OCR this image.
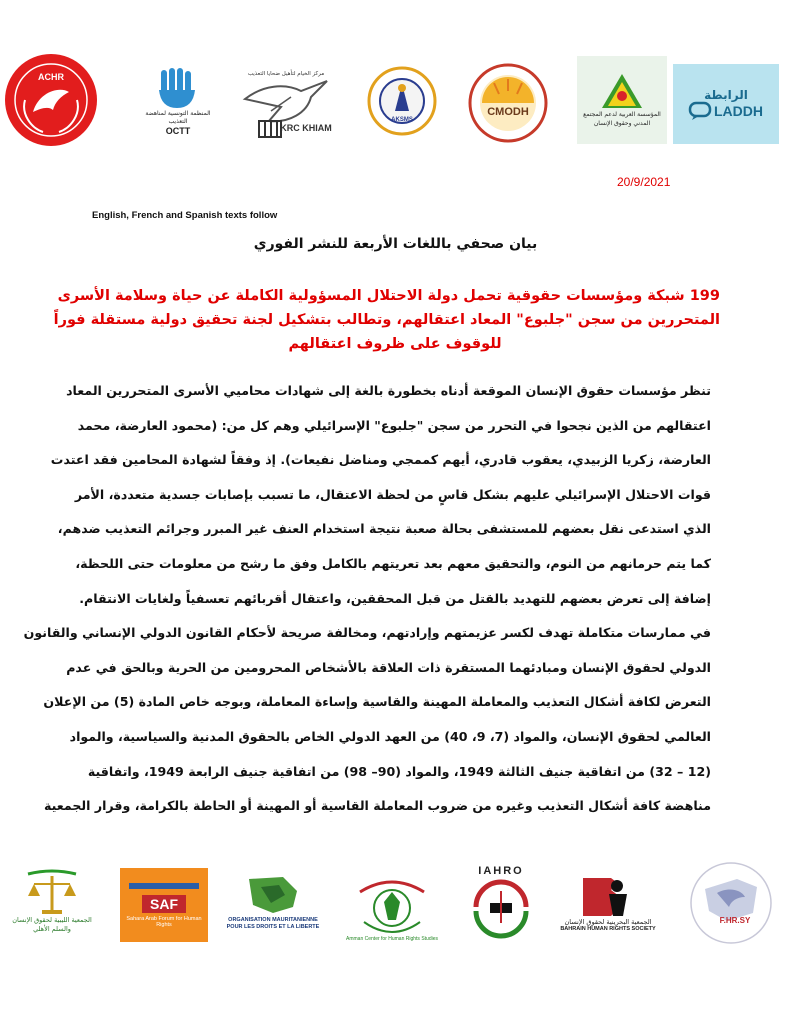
ACHR
المنظمة التونسية لمناهضة التعذيب
OCTT
مركز الخيام لتأهيل ضحايا التعذيب
KRC KHIAM
AKSMS
CMODH	المؤسسة العربية لدعم المجتمع المدني وحقوق الإنسان
الرابطة
LADDH
20/9/2021
English, French and Spanish texts follow
بيان صحفي باللغات الأربعة للنشر الفوري
199 شبكة ومؤسسات حقوقية تحمل دولة الاحتلال المسؤولية الكاملة عن حياة وسلامة الأسرى
المتحررين من سجن "جلبوع" المعاد اعتقالهم، وتطالب بتشكيل لجنة تحقيق دولية مستقلة فوراً
للوقوف على ظروف اعتقالهم
تنظر مؤسسات حقوق الإنسان الموقعة أدناه بخطورة بالغة إلى شهادات محاميي الأسرى المتحررين المعاد
اعتقالهم من الذين نجحوا في التحرر من سجن "جلبوع" الإسرائيلي وهم كل من: (محمود العارضة، محمد
العارضة، زكريا الزبيدي، يعقوب قادري، أيهم كممجي ومناضل نفيعات). إذ وفقاً لشهادة المحامين فقد اعتدت
قوات الاحتلال الإسرائيلي عليهم بشكل قاسٍ من لحظة الاعتقال، ما تسبب بإصابات جسدية متعددة، الأمر
الذي استدعى نقل بعضهم للمستشفى بحالة صعبة نتيجة استخدام العنف غير المبرر وجرائم التعذيب ضدهم،
كما يتم حرمانهم من النوم، والتحقيق معهم بعد تعريتهم بالكامل وفق ما رشح من معلومات حتى اللحظة،
إضافة إلى تعرض بعضهم للتهديد بالقتل من قبل المحققين، واعتقال أقربائهم تعسفياً ولغايات الانتقام.
في ممارسات متكاملة تهدف لكسر عزيمتهم وإرادتهم، ومخالفة صريحة لأحكام القانون الدولي الإنساني والقانون
الدولي لحقوق الإنسان ومبادئهما المستقرة ذات العلاقة بالأشخاص المحرومين من الحرية وبالحق في عدم
التعرض لكافة أشكال التعذيب والمعاملة المهينة والقاسية وإساءة المعاملة، وبوجه خاص المادة (5) من الإعلان
العالمي لحقوق الإنسان، والمواد (7، 9، 40) من العهد الدولي الخاص بالحقوق المدنية والسياسية، والمواد
(12 – 32) من اتفاقية جنيف الثالثة 1949، والمواد (90– 98) من اتفاقية جنيف الرابعة 1949، واتفاقية
مناهضة كافة أشكال التعذيب وغيره من ضروب المعاملة القاسية أو المهينة أو الحاطة بالكرامة، وقرار الجمعية
الجمعية الليبية لحقوق الإنسان والسلم الأهلي
SAF
Sahara Arab Forum for Human Rights
ORGANISATION MAURITANIENNE POUR LES DROITS ET LA LIBERTE
Amman Center for Human Rights Studies
IAHRO
الجمعية البحرينية لحقوق الإنسان
BAHRAIN HUMAN RIGHTS SOCIETY
F.HR.SY
